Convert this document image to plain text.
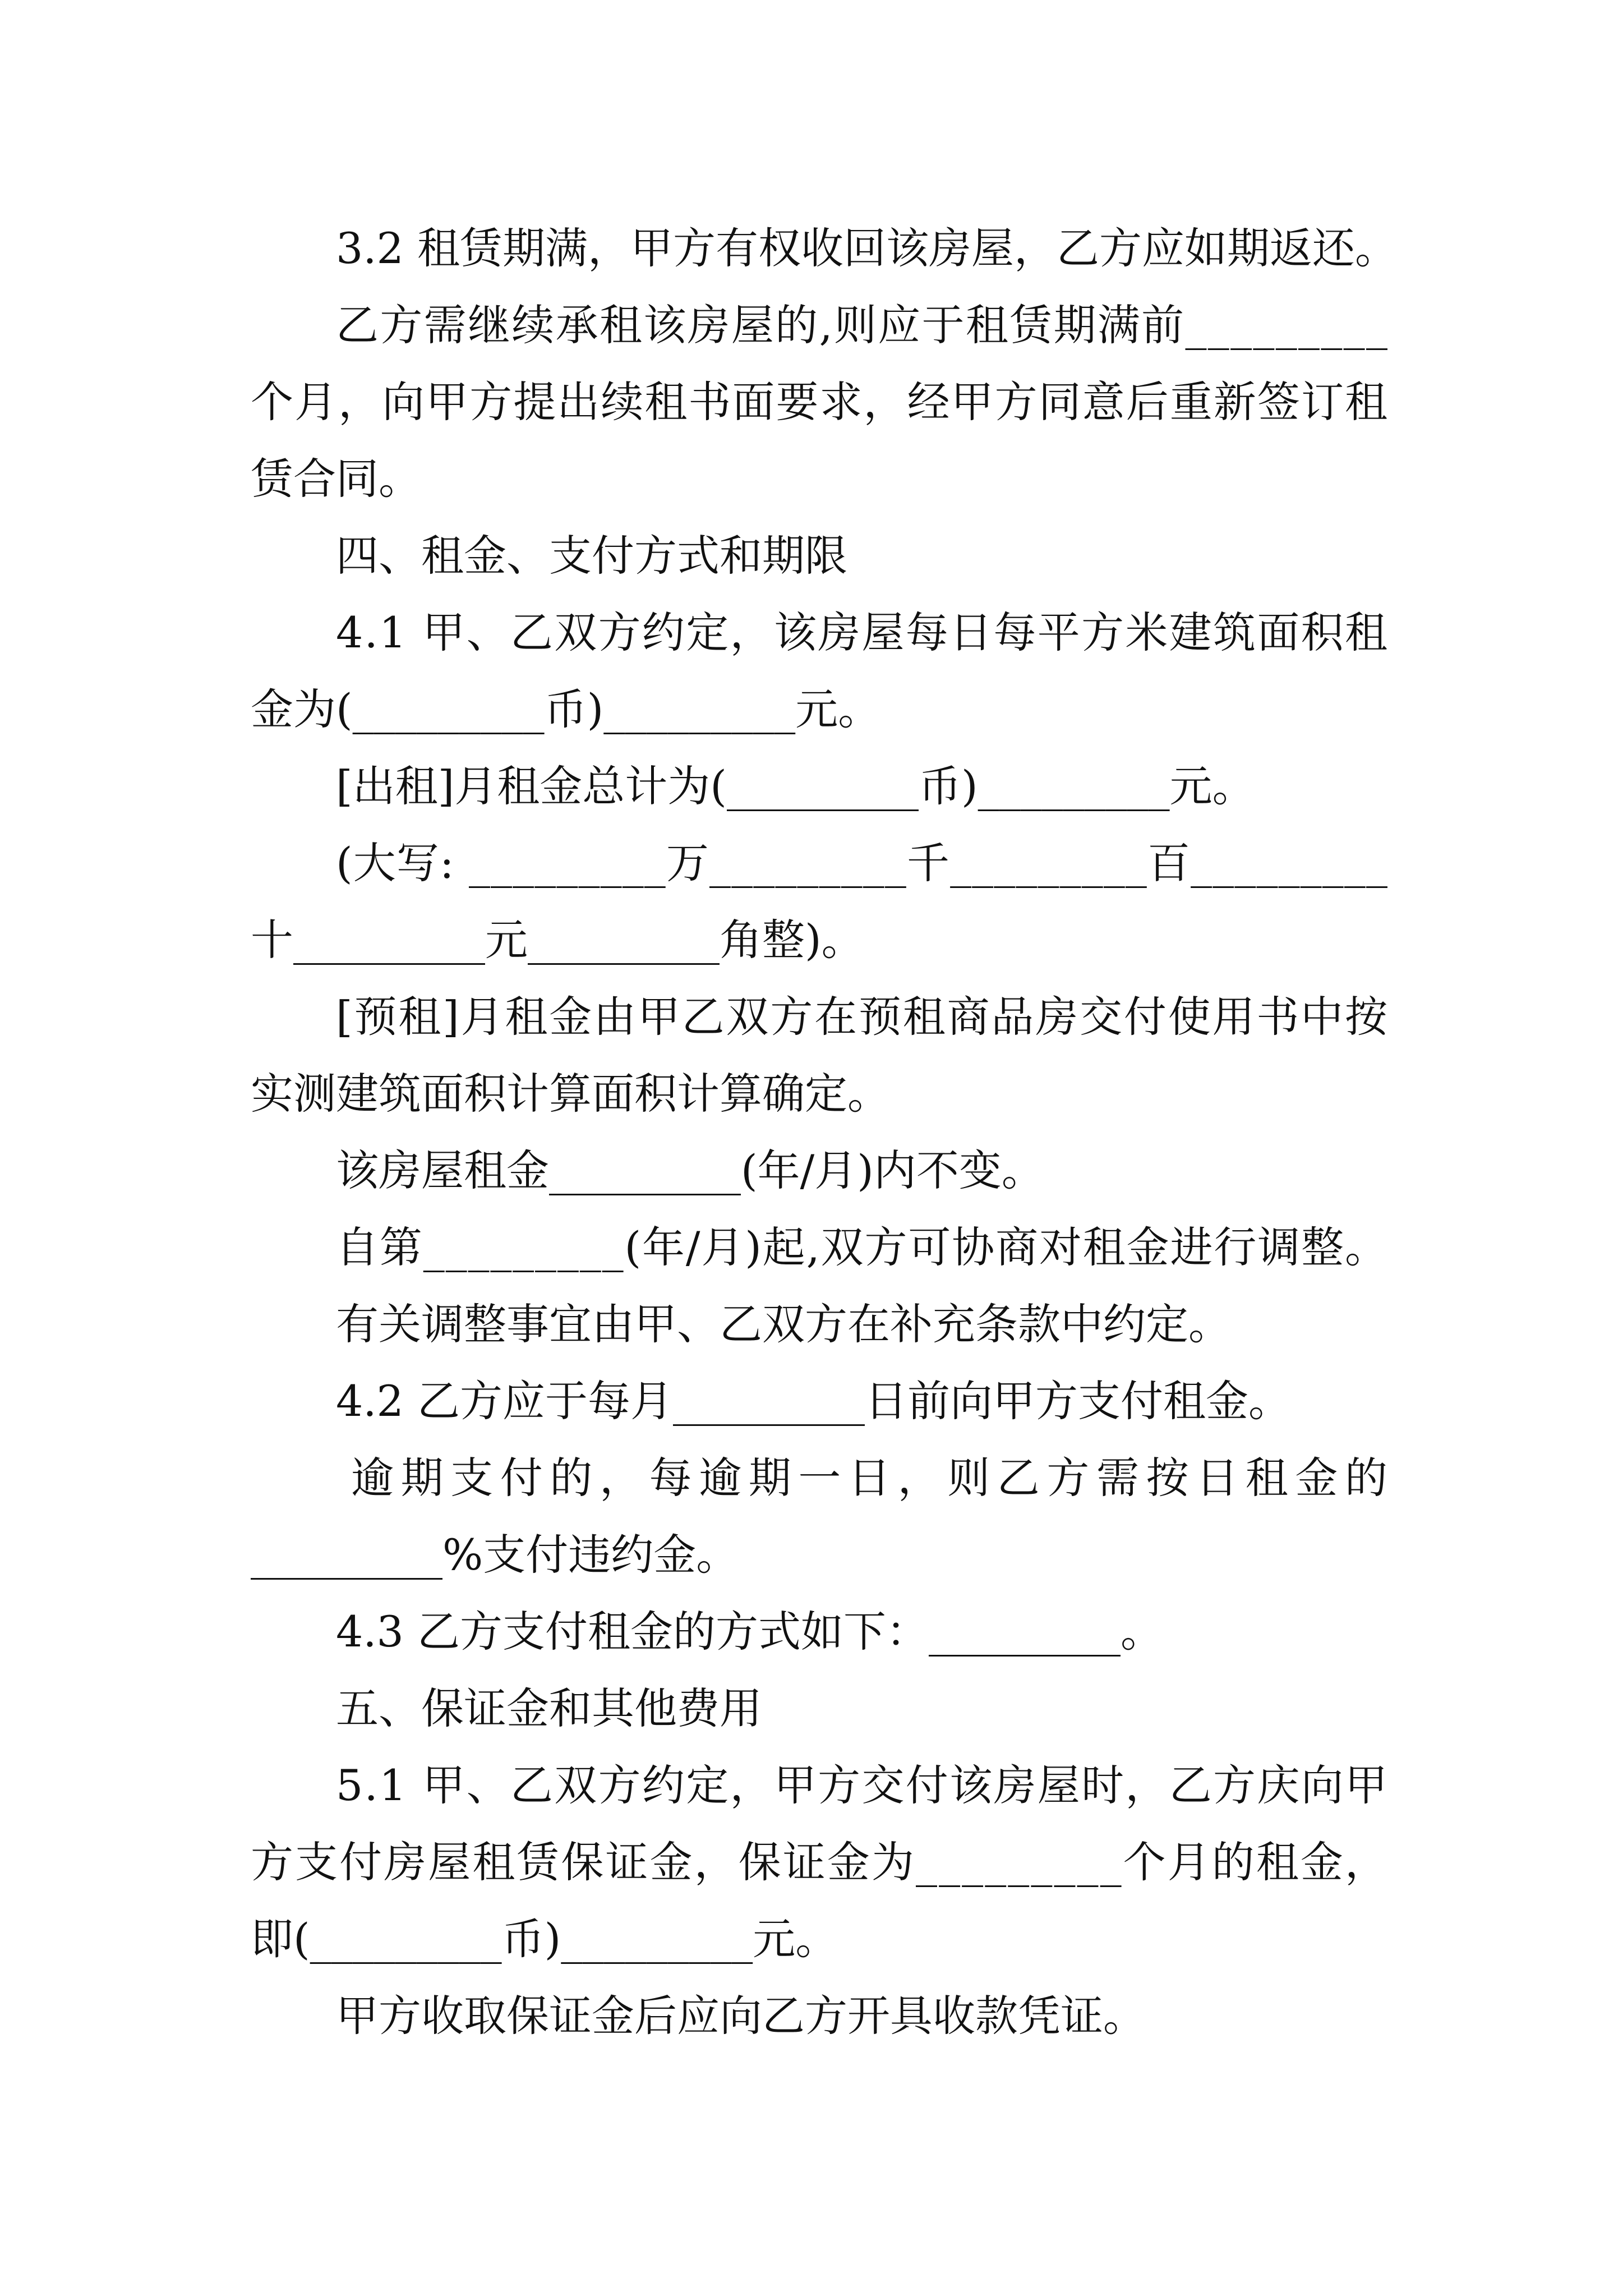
3.2 租赁期满，甲方有权收回该房屋，乙方应如期返还。
乙方需继续承租该房屋的,则应于租赁期满前_________
个月，向甲方提出续租书面要求，经甲方同意后重新签订租
赁合同。
四、租金、支付方式和期限
4.1 甲、乙双方约定，该房屋每日每平方米建筑面积租
金为(_________币)_________元。
[出租]月租金总计为(_________币)_________元。
(大写: _________万_________千_________百_________
十_________元_________角整)。
[预租]月租金由甲乙双方在预租商品房交付使用书中按
实测建筑面积计算面积计算确定。
该房屋租金_________(年/月)内不变。
自第_________(年/月)起,双方可协商对租金进行调整。
有关调整事宜由甲、乙双方在补充条款中约定。
4.2 乙方应于每月_________日前向甲方支付租金。
逾期支付的，每逾期一日，则乙方需按日租金的
_________%支付违约金。
4.3 乙方支付租金的方式如下：_________。
五、保证金和其他费用
5.1 甲、乙双方约定，甲方交付该房屋时，乙方庆向甲
方支付房屋租赁保证金，保证金为_________个月的租金，
即(_________币)_________元。
甲方收取保证金后应向乙方开具收款凭证。
